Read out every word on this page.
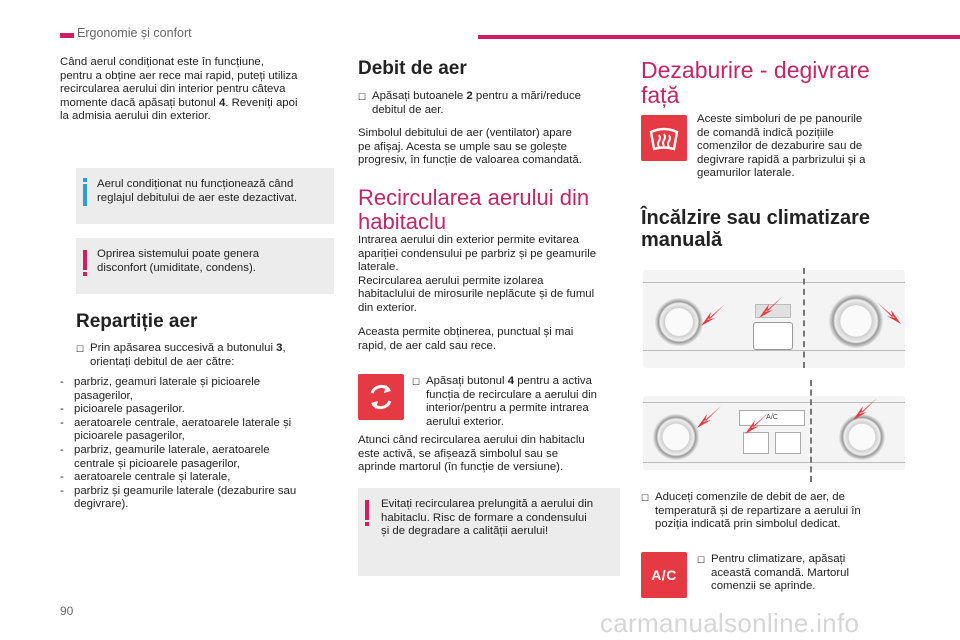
Ergonomie și confort
Când aerul condiționat este în funcțiune,
pentru a obține aer rece mai rapid, puteți utiliza
recircularea aerului din interior pentru câteva
momente dacă apăsați butonul 4. Reveniți apoi
la admisia aerului din exterior.
Aerul condiționat nu funcționează când
reglajul debitului de aer este dezactivat.
Oprirea sistemului poate genera
disconfort (umiditate, condens).
Repartiție aer
☐ Prin apăsarea succesivă a butonului 3,
orientați debitul de aer către:
- parbriz, geamuri laterale și picioarele
pasagerilor,
- picioarele pasagerilor.
- aeratoarele centrale, aeratoarele laterale și
picioarele pasagerilor,
- parbriz, geamurile laterale, aeratoarele
centrale și picioarele pasagerilor,
- aeratoarele centrale și laterale,
- parbriz și geamurile laterale (dezaburire sau
degivrare).
Debit de aer
☐ Apăsați butoanele 2 pentru a mări/reduce
debitul de aer.
Simbolul debitului de aer (ventilator) apare
pe afișaj. Acesta se umple sau se golește
progresiv, în funcție de valoarea comandată.
Recircularea aerului din
habitaclu
Intrarea aerului din exterior permite evitarea
apariției condensului pe parbriz și pe geamurile
laterale.
Recircularea aerului permite izolarea
habitaclului de mirosurile neplăcute și de fumul
din exterior.
Aceasta permite obținerea, punctual și mai
rapid, de aer cald sau rece.
☐ Apăsați butonul 4 pentru a activa
funcția de recirculare a aerului din
interior/pentru a permite intrarea
aerului exterior.
Atunci când recircularea aerului din habitaclu
este activă, se afișează simbolul sau se
aprinde martorul (în funcție de versiune).
Evitați recircularea prelungită a aerului din
habitaclu. Risc de formare a condensului
și de degradare a calității aerului!
Dezaburire - degivrare
față
Aceste simboluri de pe panourile
de comandă indică pozițiile
comenzilor de dezaburire sau de
degivrare rapidă a parbrizului și a
geamurilor laterale.
Încălzire sau climatizare
manuală
A/C
☐ Aduceți comenzile de debit de aer, de
temperatură și de repartizare a aerului în
poziția indicată prin simbolul dedicat.
A/C
☐ Pentru climatizare, apăsați
această comandă. Martorul
comenzii se aprinde.
90	carmanualsonline.info
